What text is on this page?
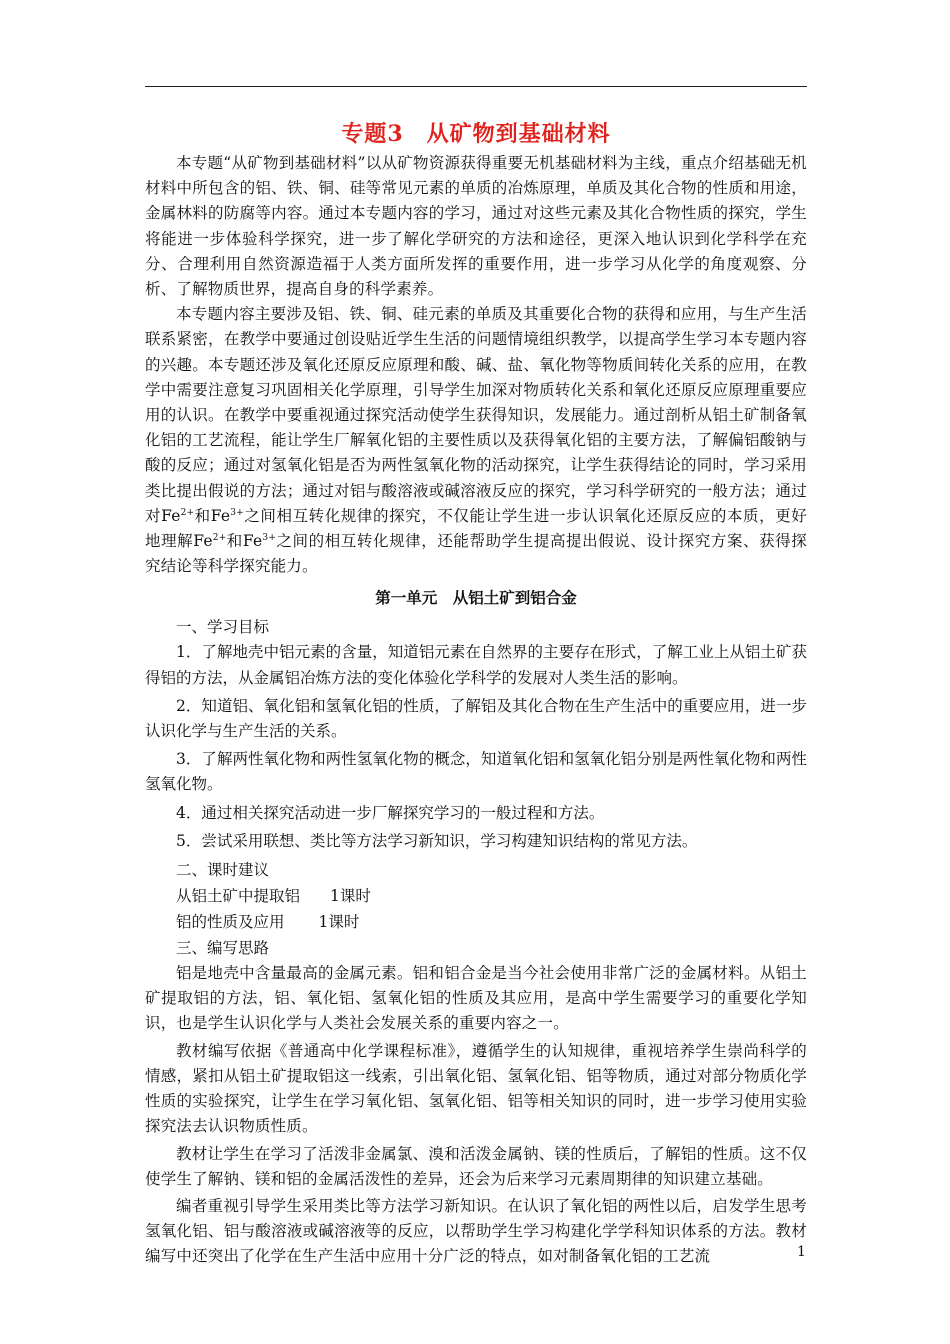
专题3　从矿物到基础材料

本专题“从矿物到基础材料”以从矿物资源获得重要无机基础材料为主线，重点介绍基础无机材料中所包含的铝、铁、铜、硅等常见元素的单质的冶炼原理，单质及其化合物的性质和用途，金属林料的防腐等内容。通过本专题内容的学习，通过对这些元素及其化合物性质的探究，学生将能进一步体验科学探究，进一步了解化学研究的方法和途径，更深入地认识到化学科学在充分、合理利用自然资源造福于人类方面所发挥的重要作用，进一步学习从化学的角度观察、分析、了解物质世界，提高自身的科学素养。

本专题内容主要涉及铝、铁、铜、硅元素的单质及其重要化合物的获得和应用，与生产生活联系紧密，在教学中要通过创设贴近学生生活的问题情境组织教学，以提高学生学习本专题内容的兴趣。本专题还涉及氧化还原反应原理和酸、碱、盐、氧化物等物质间转化关系的应用，在教学中需要注意复习巩固相关化学原理，引导学生加深对物质转化关系和氧化还原反应原理重要应用的认识。在教学中要重视通过探究活动使学生获得知识，发展能力。通过剖析从铝土矿制备氧化铝的工艺流程，能让学生厂解氧化铝的主要性质以及获得氧化铝的主要方法，了解偏铝酸钠与酸的反应；通过对氢氧化铝是否为两性氢氧化物的活动探究，让学生获得结论的同时，学习采用类比提出假说的方法；通过对铝与酸溶液或碱溶液反应的探究，学习科学研究的一般方法；通过对$Fe^{2+}$和$Fe^{3+}$之间相互转化规律的探究，不仅能让学生进一步认识氧化还原反应的本质，更好地理解$Fe^{2+}$和$Fe^{3+}$之间的相互转化规律，还能帮助学生提高提出假说、设计探究方案、获得探究结论等科学探究能力。

第一单元　从铝土矿到铝合金

一、学习目标

1．了解地壳中铝元素的含量，知道铝元素在自然界的主要存在形式，了解工业上从铝土矿获得铝的方法，从金属铝冶炼方法的变化体验化学科学的发展对人类生活的影响。

2．知道铝、氧化铝和氢氧化铝的性质，了解铝及其化合物在生产生活中的重要应用，进一步认识化学与生产生活的关系。

3．了解两性氧化物和两性氢氧化物的概念，知道氧化铝和氢氧化铝分别是两性氧化物和两性氢氧化物。

4．通过相关探究活动进一步厂解探究学习的一般过程和方法。

5．尝试采用联想、类比等方法学习新知识，学习构建知识结构的常见方法。

二、课时建议

从铝土矿中提取铝 1课时

铝的性质及应用 1课时

三、编写思路

铝是地壳中含量最高的金属元素。铝和铝合金是当今社会使用非常广泛的金属材料。从铝土矿提取铝的方法，铝、氧化铝、氢氧化铝的性质及其应用，是高中学生需要学习的重要化学知识，也是学生认识化学与人类社会发展关系的重要内容之一。

教材编写依据《普通高中化学课程标准》，遵循学生的认知规律，重视培养学生崇尚科学的情感，紧扣从铝土矿提取铝这一线索，引出氧化铝、氢氧化铝、铝等物质，通过对部分物质化学性质的实验探究，让学生在学习氧化铝、氢氧化铝、铝等相关知识的同时，进一步学习使用实验探究法去认识物质性质。

教材让学生在学习了活泼非金属氯、溴和活泼金属钠、镁的性质后，了解铝的性质。这不仅使学生了解钠、镁和铝的金属活泼性的差异，还会为后来学习元素周期律的知识建立基础。

编者重视引导学生采用类比等方法学习新知识。在认识了氧化铝的两性以后，启发学生思考氢氧化铝、铝与酸溶液或碱溶液等的反应，以帮助学生学习构建化学学科知识体系的方法。教材编写中还突出了化学在生产生活中应用十分广泛的特点，如对制备氧化铝的工艺流	1
